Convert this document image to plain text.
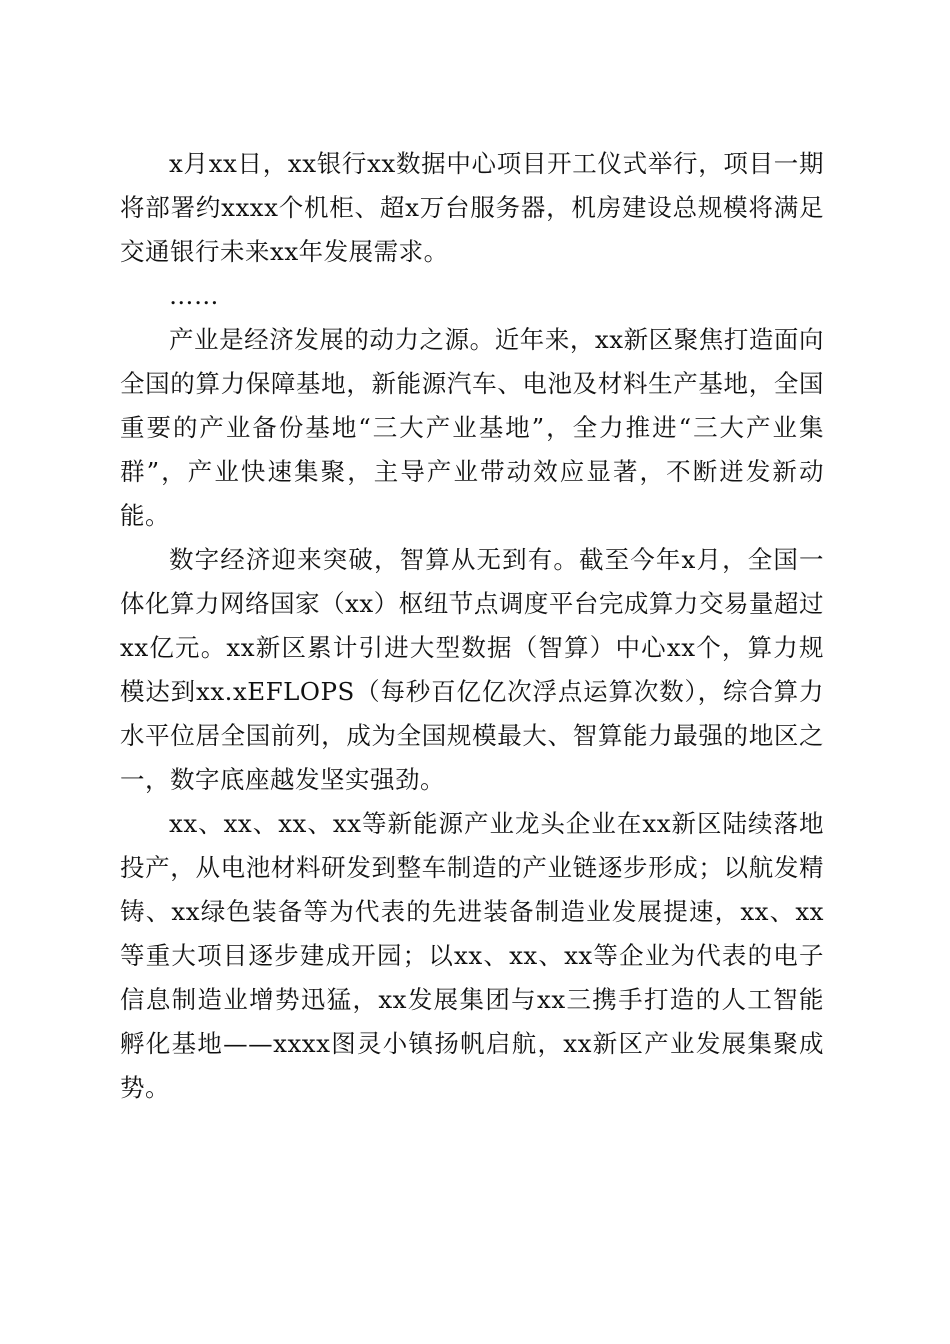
x月xx日，xx银行xx数据中心项目开工仪式举行，项目一期将部署约xxxx个机柜、超x万台服务器，机房建设总规模将满足交通银行未来xx年发展需求。

……

产业是经济发展的动力之源。近年来，xx新区聚焦打造面向全国的算力保障基地，新能源汽车、电池及材料生产基地，全国重要的产业备份基地“三大产业基地”，全力推进“三大产业集群”，产业快速集聚，主导产业带动效应显著，不断迸发新动能。

数字经济迎来突破，智算从无到有。截至今年x月，全国一体化算力网络国家（xx）枢纽节点调度平台完成算力交易量超过xx亿元。xx新区累计引进大型数据（智算）中心xx个，算力规模达到xx.xEFLOPS（每秒百亿亿次浮点运算次数），综合算力水平位居全国前列，成为全国规模最大、智算能力最强的地区之一，数字底座越发坚实强劲。

xx、xx、xx、xx等新能源产业龙头企业在xx新区陆续落地投产，从电池材料研发到整车制造的产业链逐步形成；以航发精铸、xx绿色装备等为代表的先进装备制造业发展提速，xx、xx等重大项目逐步建成开园；以xx、xx、xx等企业为代表的电子信息制造业增势迅猛，xx发展集团与xx三携手打造的人工智能孵化基地——xxxx图灵小镇扬帆启航，xx新区产业发展集聚成势。
